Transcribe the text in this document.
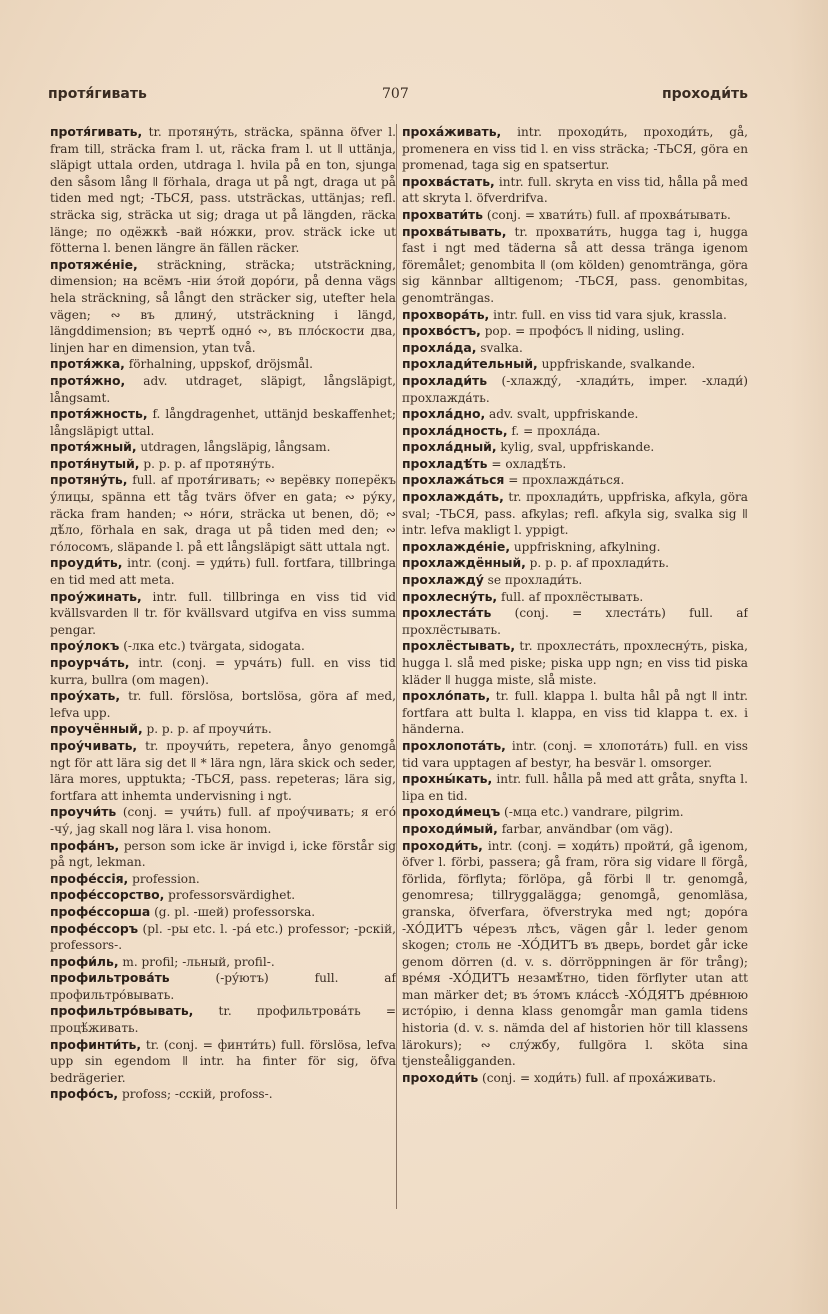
протя́гивать	707	проходи́ть

протя́гивать, tr. протяну́ть, sträcka, spänna öfver l. fram till, sträcka fram l. ut, räcka fram l. ut ǁ uttänja, släpigt uttala orden, utdraga l. hvila på en ton, sjunga den såsom lång ǁ förhala, draga ut på ngt, draga ut på tiden med ngt; -ТЬСЯ, pass. utsträckas, uttänjas; refl. sträcka sig, sträcka ut sig; draga ut på längden, räcka länge; по одёжкѣ -вай но́жки, prov. sträck icke ut fötterna l. benen längre än fällen räcker.

протяже́ніе, sträckning, sträcka; utsträckning, dimension; на всёмъ -ніи э́той доро́ги, på denna vägs hela sträckning, så långt den sträcker sig, utefter hela vägen; ∾ въ длину́, utsträckning i längd, längddimension; въ чертѣ́ одно́ ∾, въ пло́скости два, linjen har en dimension, ytan två.

протя́жка, förhalning, uppskof, dröjsmål.

протя́жно, adv. utdraget, släpigt, långsläpigt, långsamt.

протя́жность, f. långdragenhet, uttänjd beskaffenhet; långsläpigt uttal.

протя́жный, utdragen, långsläpig, långsam.

протя́нутый, p. p. p. af протяну́ть.

протяну́ть, full. af протя́гивать; ∾ верёвку поперёкъ у́лицы, spänna ett tåg tvärs öfver en gata; ∾ ру́ку, räcka fram handen; ∾ но́ги, sträcka ut benen, dö; ∾ дѣ́ло, förhala en sak, draga ut på tiden med den; ∾ го́лосомъ, släpande l. på ett långsläpigt sätt uttala ngt.

проуди́ть, intr. (conj. = уди́ть) full. fortfara, tillbringa en tid med att meta.

проу́жинать, intr. full. tillbringa en viss tid vid kvällsvarden ǁ tr. för kvällsvard utgifva en viss summa pengar.

проу́локъ (-лка etc.) tvärgata, sidogata.

проурча́ть, intr. (conj. = урча́ть) full. en viss tid kurra, bullra (om magen).

проу́хать, tr. full. förslösa, bortslösa, göra af med, lefva upp.

проучённый, p. p. p. af проучи́ть.

проу́чивать, tr. проучи́ть, repetera, ånyo genomgå ngt för att lära sig det ǁ * lära ngn, lära skick och seder, lära mores, upptukta; -ТЬСЯ, pass. repeteras; lära sig, fortfara att inhemta undervisning i ngt.

проучи́ть (conj. = учи́ть) full. af проу́чивать; я его́ -чу́, jag skall nog lära l. visa honom.

профа́нъ, person som icke är invigd i, icke förstår sig på ngt, lekman.

профе́ссія, profession.

профе́ссорство, professorsvärdighet.

профе́ссорша (g. pl. -шей) professorska.

профе́ссоръ (pl. -ры etc. l. -ра́ etc.) professor; -рскій, professors-.

профи́ль, m. profil; -льный, profil-.

профильтрова́ть (-ру́ютъ) full. af профильтро́вывать.

профильтро́вывать, tr. профильтрова́ть = процѣ́живать.

профинти́ть, tr. (conj. = финти́ть) full. förslösa, lefva upp sin egendom ǁ intr. ha finter för sig, öfva bedrägerier.

профо́съ, profoss; -сскій, profoss-.

прохáживать, intr. проходи́ть, проходи́ть, gå, promenera en viss tid l. en viss sträcka; -ТЬСЯ, göra en promenad, taga sig en spatsertur.

прохва́стать, intr. full. skryta en viss tid, hålla på med att skryta l. öfverdrifva.

прохвати́ть (conj. = хвати́ть) full. af прохва́тывать.

прохва́тывать, tr. прохвати́ть, hugga tag i, hugga fast i ngt med täderna så att dessa tränga igenom föremålet; genombita ǁ (om kölden) genomtränga, göra sig kännbar alltigenom; -ТЬСЯ, pass. genombitas, genomträngas.

прохвора́ть, intr. full. en viss tid vara sjuk, krassla.

прохво́стъ, pop. = профо́съ ǁ niding, usling.

прохла́да, svalka.

прохлади́тельный, uppfriskande, svalkande.

прохлади́ть (-хлажду́, -хлади́ть, imper. -хлади́) прохлажда́ть.

прохла́дно, adv. svalt, uppfriskande.

прохла́дность, f. = прохла́да.

прохла́дный, kylig, sval, uppfriskande.

прохладѣ́ть = охладѣ́ть.

прохлажа́ться = прохлажда́ться.

прохлажда́ть, tr. прохлади́ть, uppfriska, afkyla, göra sval; -ТЬСЯ, pass. afkylas; refl. afkyla sig, svalka sig ǁ intr. lefva makligt l. yppigt.

прохлажде́ніе, uppfriskning, afkylning.

прохлаждённый, p. p. p. af прохлади́ть.

прохлажду́ se прохлади́ть.

прохлесну́ть, full. af прохлёстывать.

прохлеста́ть (conj. = хлеста́ть) full. af прохлёстывать.

прохлёстывать, tr. прохлеста́ть, прохлесну́ть, piska, hugga l. slå med piske; piska upp ngn; en viss tid piska kläder ǁ hugga miste, slå miste.

прохло́пать, tr. full. klappa l. bulta hål på ngt ǁ intr. fortfara att bulta l. klappa, en viss tid klappa t. ex. i händerna.

прохлопота́ть, intr. (conj. = хлопота́ть) full. en viss tid vara upptagen af bestyr, ha besvär l. omsorger.

прохны́кать, intr. full. hålla på med att gråta, snyfta l. lipa en tid.

проходи́мецъ (-мца etc.) vandrare, pilgrim.

проходи́мый, farbar, användbar (om väg).

проходи́ть, intr. (conj. = ходи́ть) пройти́, gå igenom, öfver l. förbi, passera; gå fram, röra sig vidare ǁ förgå, förlida, förflyta; förlöpa, gå förbi ǁ tr. genomgå, genomresa; tillryggalägga; genomgå, genomläsa, granska, öfverfara, öfverstryka med ngt; доро́га -ХО́ДИТЪ че́резъ лѣсъ, vägen går l. leder genom skogen; столь не -ХО́ДИТЪ въ дверь, bordet går icke genom dörren (d. v. s. dörröppningen är för trång); вре́мя -ХО́ДИТЪ незамѣ́тно, tiden förflyter utan att man märker det; въ э́томъ кла́ссѣ -ХО́ДЯТЪ дре́внюю исто́рію, i denna klass genomgår man gamla tidens historia (d. v. s. nämda del af historien hör till klassens lärokurs); ∾ слу́жбу, fullgöra l. sköta sina tjensteåligganden.

проходи́ть (conj. = ходи́ть) full. af прохáживать.
